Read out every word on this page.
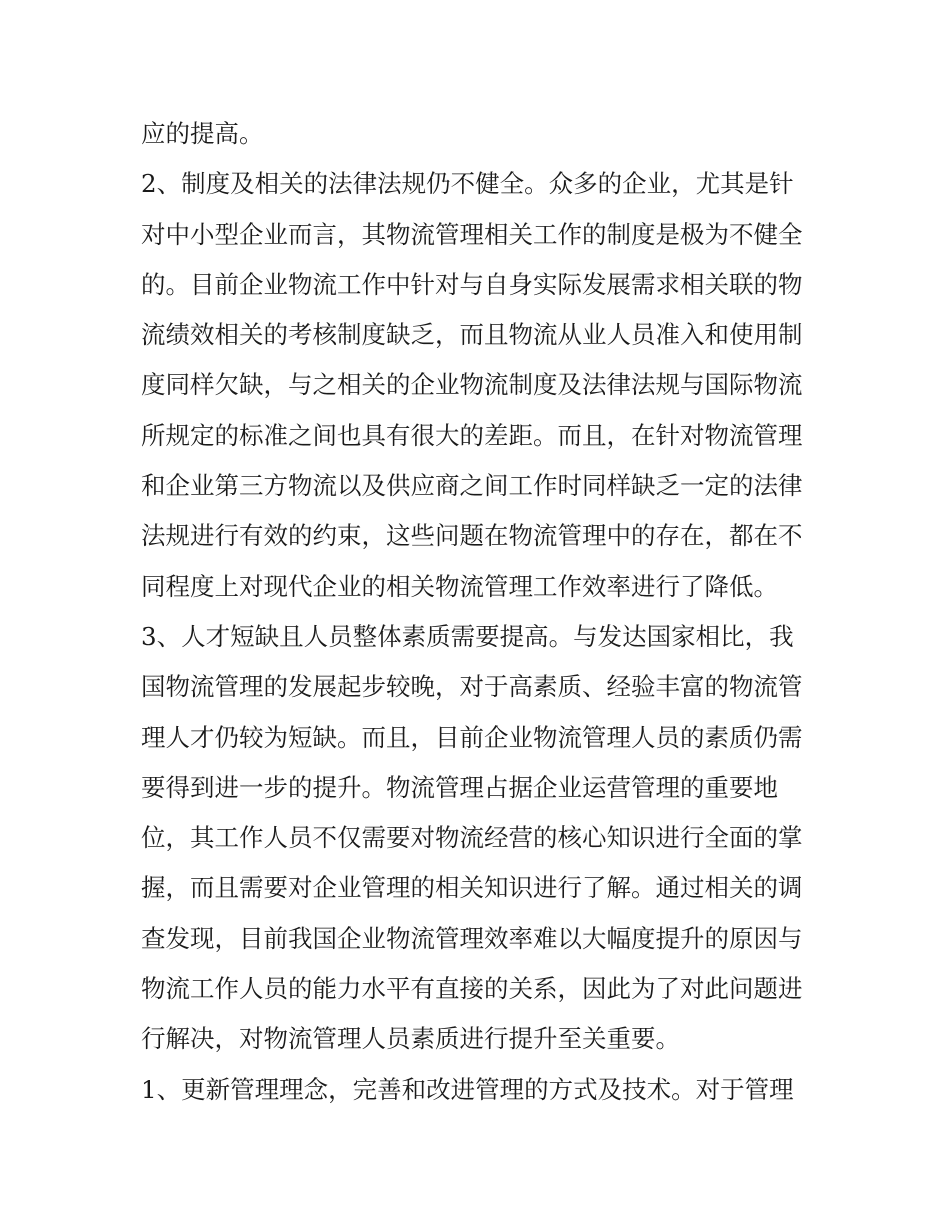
应的提高。
2、制度及相关的法律法规仍不健全。众多的企业，尤其是针
对中小型企业而言，其物流管理相关工作的制度是极为不健全
的。目前企业物流工作中针对与自身实际发展需求相关联的物
流绩效相关的考核制度缺乏，而且物流从业人员准入和使用制
度同样欠缺，与之相关的企业物流制度及法律法规与国际物流
所规定的标准之间也具有很大的差距。而且，在针对物流管理
和企业第三方物流以及供应商之间工作时同样缺乏一定的法律
法规进行有效的约束，这些问题在物流管理中的存在，都在不
同程度上对现代企业的相关物流管理工作效率进行了降低。
3、人才短缺且人员整体素质需要提高。与发达国家相比，我
国物流管理的发展起步较晚，对于高素质、经验丰富的物流管
理人才仍较为短缺。而且，目前企业物流管理人员的素质仍需
要得到进一步的提升。物流管理占据企业运营管理的重要地
位，其工作人员不仅需要对物流经营的核心知识进行全面的掌
握，而且需要对企业管理的相关知识进行了解。通过相关的调
查发现，目前我国企业物流管理效率难以大幅度提升的原因与
物流工作人员的能力水平有直接的关系，因此为了对此问题进
行解决，对物流管理人员素质进行提升至关重要。
1、更新管理理念，完善和改进管理的方式及技术。对于管理
